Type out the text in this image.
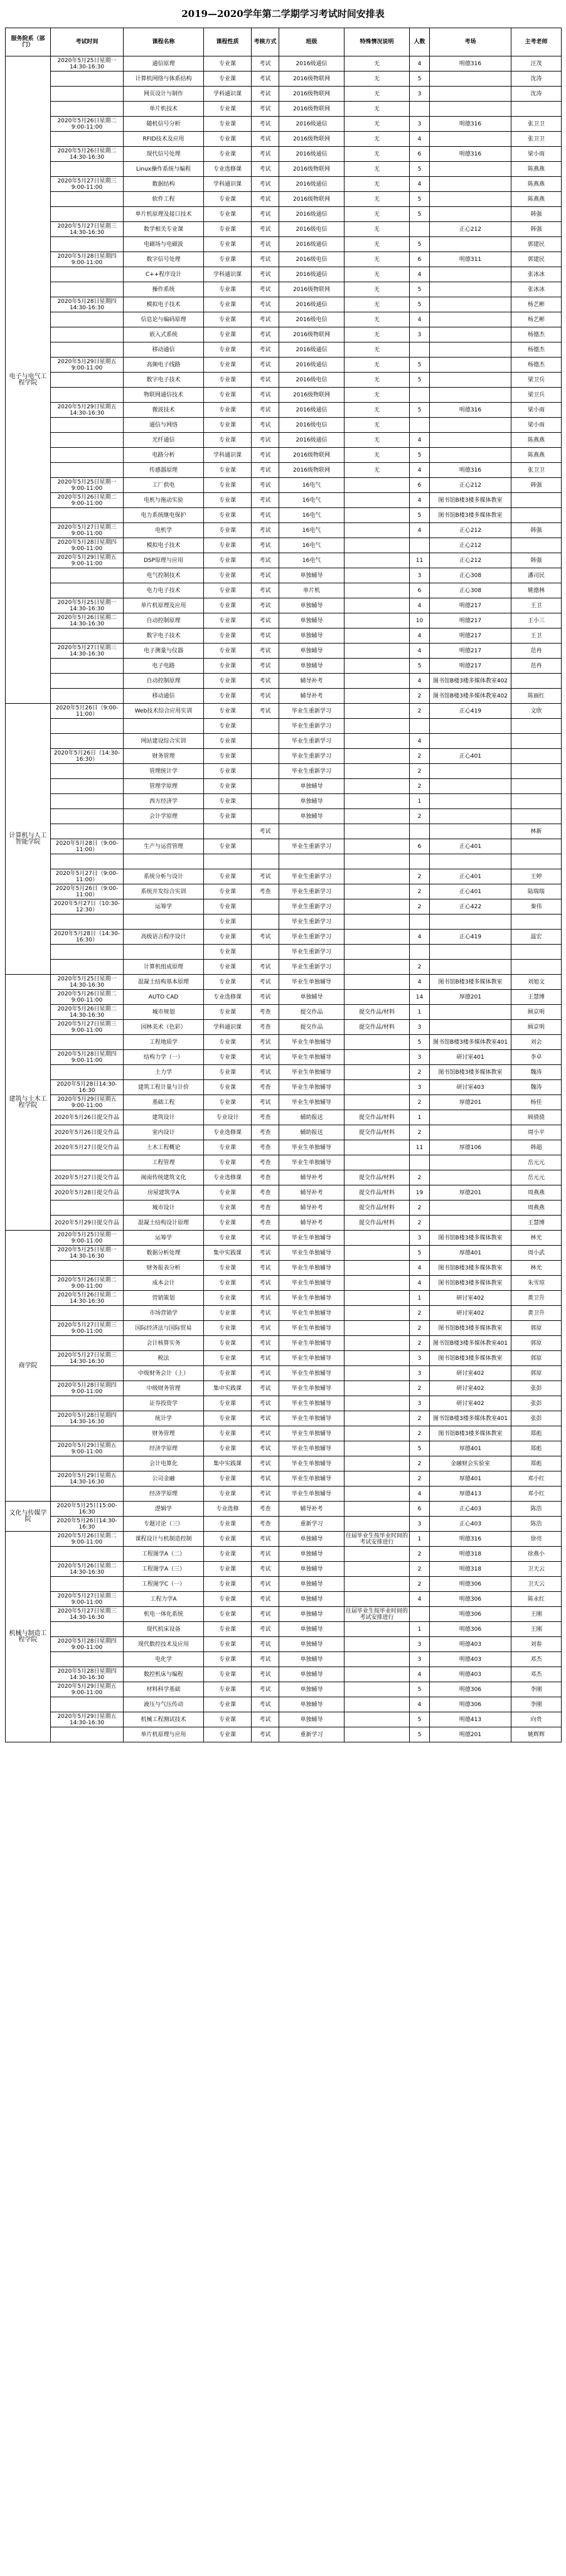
2019—2020学年第二学期学习考试时间安排表
服务院系（部门）	考试时间	课程名称	课程性质	考核方式	班级	特殊情况说明	人数	考场	主考老师
电子与电气工程学院	2020年5月25日星期一14:30-16:30	通信原理	专业课	考试	2016级通信	无	4	明德316	汪茂
		计算机网络与体系结构	专业课	考试	2016级物联网	无	5		沈涛
		网页设计与制作	学科通识课	考试	2016级物联网	无	3		沈涛
		单片机技术	专业课	考试	2016级物联网	无			
	2020年5月26日星期二9:00-11:00	随机信号分析	专业课	考试	2016级通信	无	3	明德316	张卫卫
		RFID技术及应用	专业课	考试	2016级物联网	无	4		张卫卫
	2020年5月26日星期二14:30-16:30	现代信号处理	专业课	考试	2016级通信	无	6	明德316	梁小雨
		Linux操作系统与编程	专业选修课	考试	2016级物联网	无	5		陈燕燕
	2020年5月27日星期三9:00-11:00	数据结构	学科通识课	考试	2016级通信	无	4		陈燕燕
		软件工程	专业课	考试	2016级物联网	无	5		陈燕燕
		单片机原理及接口技术	专业课	考试	2016级通信	无	5		韩强
	2020年5月27日星期三14:30-16:30	数学相关专业课	专业课	考试	2016级电信	无		正心212	韩强
		电磁场与电磁波	专业课	考试	2016级通信	无	5		郭建民
	2020年5月28日星期四9:00-11:00	数字信号处理	专业课	考试	2016级电信	无	6	明德311	郭建民
		C++程序设计	学科通识课	考试	2016级通信	无	4		张冰冰
		操作系统	专业课	考试	2016级物联网	无	5		张冰冰
	2020年5月28日星期四14:30-16:30	模拟电子技术	专业课	考试	2016级通信	无	5		杨艺彬
		信息论与编码原理	专业课	考试	2016级电信	无	4		杨艺彬
		嵌入式系统	专业课	考试	2016级物联网	无	3		杨德杰
		移动通信	专业课	考试	2016级通信	无			杨德杰
	2020年5月29日星期五9:00-11:00	高频电子线路	专业课	考试	2016级通信	无	5		杨德杰
		数字电子技术	专业课	考试	2016级电信	无	5		梁卫兵
		物联网通信技术	专业课	考试	2016级物联网	无			梁卫兵
	2020年5月29日星期五14:30-16:30	微波技术	专业课	考试	2016级通信	无	5	明德316	梁小雨
		通信与网络	专业课	考试	2016级电信	无			梁小雨
		光纤通信	专业课	考试	2016级通信	无	4		陈燕燕
		电路分析	学科通识课	考试	2016级物联网	无	5		陈燕燕
		传感器原理	专业课	考试	2016级物联网	无	4	明德316	张卫卫
	2020年5月25日星期一9:00-11:00	工厂供电	专业课	考试	16电气		6	正心212	韩强
	2020年5月26日星期二9:00-11:00	电机与拖动实验	专业课	考试	16电气		4	图书馆B楼3楼多媒体教室	
		电力系统继电保护	专业课	考试	16电气		5	图书馆B楼3楼多媒体教室	
	2020年5月27日星期三9:00-11:00	电机学	专业课	考试	16电气		4	正心212	韩强
	2020年5月28日星期四9:00-11:00	模拟电子技术	专业课	考试	16电气			正心212	
	2020年5月29日星期五9:00-11:00	DSP原理与应用	专业课	考试	16电气		11	正心212	韩强
		电气控制技术	专业课	考试	单独辅导		3	正心308	潘司民
		电力电子技术	专业课	考试	单片机		6	正心308	姚德林
	2020年5月25日星期一14:30-16:30	单片机原理及应用	专业课	考试	单独辅导		4	明德217	王卫
	2020年5月26日星期二14:30-16:30	自动控制原理	专业课	考试	单独辅导		10	明德217	王小三
		数字电子技术	专业课	考试	单独辅导		4	明德217	王卫
	2020年5月27日星期三14:30-16:30	电子测量与仪器	专业课	考试	单独辅导		4	明德217	范冉
		电子电路	专业课	考试	单独辅导		5	明德217	范冉
		自动控制原理	专业课	考试	辅导补考		4	图书馆B楼3楼多媒体教室402	
		移动通信	专业课	考试	辅导补考		2	图书馆B楼3楼多媒体教室402	陈丽红
计算机与人工智能学院	2020年5月26日（9:00-11:00）	Web技术综合应用实训	专业课	考试	毕业生重新学习		2	正心419	文欣
			专业课		毕业生重新学习				
		网站建设综合实训	专业课		毕业生重新学习		4		
	2020年5月26日（14:30-16:30）	财务管理	专业课		毕业生重新学习		2	正心401	
		管理统计学	专业课		毕业生重新学习		2		
		管理学原理	专业课		单独辅导		2		
		西方经济学	专业课		单独辅导		1		
		会计学原理	专业课		单独辅导		2		
				考试					林新
	2020年5月28日（9:00-11:00）	生产与运营管理	专业课		毕业生重新学习		6	正心401	

	2020年5月27日（9:00-11:00）	系统分析与设计	专业课	考试	毕业生重新学习		2	正心401	王婷
	2020年5月26日（9:00-11:00）	系统开发综合实训	专业课	考查	毕业生重新学习		2	正心401	陆瑞瑞
	2020年5月27日（10:30-12:30）	运筹学	专业课		毕业生重新学习		2	正心422	秦伟
			专业课		毕业生重新学习				
	2020年5月28日（14:30-16:30）	高级语言程序设计	专业课	考试	毕业生重新学习		4	正心419	温宏
			专业课		毕业生重新学习				
		计算机组成原理	专业课	考试	毕业生重新学习		2		
建筑与土木工程学院	2020年5月25日星期一14:30-16:30	混凝土结构基本原理	专业课	考试	毕业生单独辅导		4	图书馆B楼3楼多媒体教室	刘旭文
	2020年5月26日星期二9:00-11:00	AUTO CAD	专业选修课	考试	单独辅导		14	厚德201	王慧博
	2020年5月26日星期二14:30-16:30	城市规划	专业课	考查	提交作品	提交作品/材料	1		顾京明
	2020年5月27日星期三9:00-11:00	园林美术（色彩）	学科通识课	考查	提交作品	提交作品/材料	3		顾京明
		工程地质学	专业课	考试	毕业生单独辅导		5	图书馆B楼3楼多媒体教室401	刘会
	2020年5月28日星期四9:00-11:00	结构力学（一）	专业课	考试	毕业生单独辅导		3	研讨室401	李卓
		土力学	专业课	考试	毕业生单独辅导		2	图书馆B楼3楼多媒体教室	魏涛
	2020年5月28日14:30-16:30	建筑工程计量与计价	专业课	考查	毕业生单独辅导		3	研讨室403	魏涛
	2020年5月29日星期五9:00-11:00	基础工程	专业课	考试	毕业生单独辅导		2	厚德201	杨佳
	2020年5月26日提交作品	建筑设计	专业设计	考查	辅助报送	提交作品/材料	1		顾骁骁
	2020年5月26日提交作品	室内设计	专业选修课	考查	辅助报送	提交作品/材料	2		周小平
	2020年5月27日提交作品	土木工程概论	专业课	考查	毕业生单独辅导		11	厚德106	韩超
		工程管理	专业课	考查	毕业生单独辅导				岳元元
	2020年5月27日提交作品	闽南传统建筑文化	专业选修课	考查	辅导补考	提交作品/材料	2		岳元元
	2020年5月28日提交作品	房屋建筑学A	专业课	考查	辅导补考	提交作品/材料	19	厚德201	周燕燕
		城市设计	专业课	考查	辅导补考	提交作品/材料	2		周燕燕
	2020年5月29日提交作品	混凝土结构设计原理	专业课	考查	辅导补考	提交作品/材料	2		王慧博
商学院	2020年5月25日星期一9:00-11:00	运筹学	专业课	考试	毕业生单独辅导		3	图书馆B楼3楼多媒体教室	林光
	2020年5月25日星期一14:30-16:30	数据分析处理	集中实践课	考试	毕业生单独辅导		5	厚德401	周小武
		财务报表分析	专业课	考试	毕业生单独辅导		4	图书馆B楼3楼多媒体教室	林光
	2020年5月26日星期二9:00-11:00	成本会计	专业课	考试	毕业生单独辅导		4	图书馆B楼3楼多媒体教室	朱雪琼
	2020年5月26日星期二14:30-16:30	营销策划	专业课	考试	毕业生单独辅导		1	研讨室402	黄卫升
		市场营销学	专业课	考试	毕业生单独辅导		2	研讨室402	黄卫升
	2020年5月27日星期三9:00-11:00	国际经济法与国际贸易	专业课	考试	毕业生单独辅导		2	图书馆B楼3楼多媒体教室	郭原
		会计核算实务	专业课	考试	毕业生单独辅导		2	图书馆B楼3楼多媒体教室401	郭原
	2020年5月27日星期三14:30-16:30	税法	专业课	考试	毕业生单独辅导		3	图书馆B楼3楼多媒体教室	郭原
		中级财务会计（上）	专业课	考试	毕业生单独辅导		3	研讨室402	郭原
	2020年5月28日星期四9:00-11:00	中级财务管理	集中实践课	考试	毕业生单独辅导		2	研讨室402	张彭
		证券投资学	专业课	考试	毕业生单独辅导		3	研讨室402	张彭
	2020年5月28日星期四14:30-16:30	统计学	专业课	考试	毕业生单独辅导		2	图书馆B楼3楼多媒体教室401	张彭
		财务管理	专业课	考试	毕业生单独辅导		2	图书馆B楼3楼多媒体教室	郑彪
	2020年5月29日星期五9:00-11:00	经济学原理	专业课	考试	毕业生单独辅导		5	厚德401	郑彪
		会计电算化	集中实践课	考试	毕业生单独辅导		2	金融财会实验室	郑彪
	2020年5月29日星期五14:30-16:30	公司金融	专业课	考试	毕业生单独辅导		2	厚德401	邓小红
		经济学原理	专业课	考试	毕业生单独辅导		4	厚德413	邓小红
文化与传媒学院	2020年5月25日15:00-16:30	逻辑学	专业选修	考查	辅导补考		6	正心403	陈浩
	2020年5月26日14:30-16:30	专题讨论（三）	专业课	考查	重新学习		3	正心403	陈浩
机械与制造工程学院	2020年5月26日星期二9:00-11:00	课程设计与机制造控制	专业课	考试	单独辅导	往届毕业生按毕业时间的考试安排进行	1	明德316	徐亮
		工程图学A（二）	专业课	考试	单独辅导		2	明德318	徐燕小
	2020年5月26日星期二14:30-16:30	工程图学A（三）	专业课	考试	单独辅导		2	明德318	卫天云
		工程图学C（一）	专业课	考试	单独辅导		2	明德306	卫天云
	2020年5月27日星期三9:00-11:00	工程力学A	专业课	考试	单独辅导		4	明德306	陈永红
	2020年5月27日星期三14:30-16:30	机电一体化系统	专业课	考试	单独辅导	往届毕业生按毕业时间的考试安排进行		明德306	王刚
		现代机床设备	专业课	考试	单独辅导		1	明德306	王刚
	2020年5月28日星期四9:00-11:00	现代数控技术及应用	专业课	考试	单独辅导		3	明德403	刘春
		电化学	专业课	考试	单独辅导		3	明德403	邓杰
	2020年5月28日星期四14:30-16:30	数控机床与编程	专业课	考试	单独辅导		4	明德403	邓杰
	2020年5月29日星期五9:00-11:00	材料科学基础	专业课	考试	单独辅导		5	明德306	李刚
		液压与气压传动	专业课	考试	单独辅导		4	明德306	李刚
	2020年5月29日星期五14:30-16:30	机械工程测试技术	专业课	考试	单独辅导		5	明德413	向贵
		单片机原理与应用	专业课	考试	重新学习		5	明德201	姚辉辉
